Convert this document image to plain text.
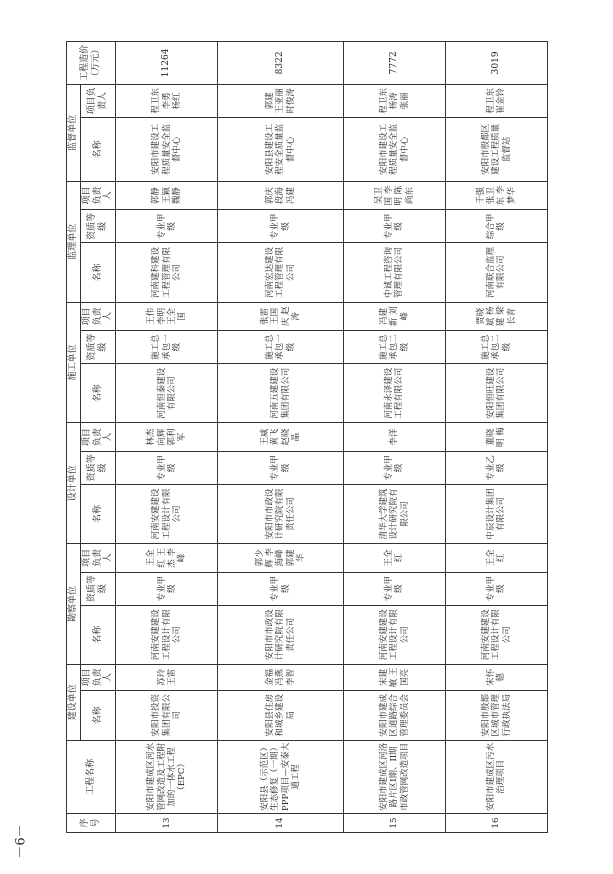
－6－
序号	工程名称	建设单位		勘察单位			设计单位			施工单位			监理单位			监督单位		工程造价（万元）
		名称	项目负责人	名称	资质等级	项目负责人	名称	资质等级	项目负责人	名称	资质等级	项目负责人	名称	资质等级	项目负责人	名称	项目负责人	
13	安阳市建成区河水管网改造及工程附加的一体水工程（EPC）	安阳市投资集团有限公司	苏玲 王雷	河南安建建设工程设计有限公司	专业甲级	王全红 王杰 李峰	河南安建建设工程设计有限公司	专业甲级	林杰 向辉 郭利军	河南恒泰建设有限公司	施工总承包一级	王伟 李明 王全国	河南建科建设工程管理有限公司	专业甲级	郭静 王颖 魏静	安阳市建设工程质量安全监督中心	程卫东 李勇 杨红	11264
14	安阳县（示范区）生态修复（一期）PPP项目—安泰大道工程	安阳县住房和城乡建设局	金福 冯燕 李智	安阳市市政设计研究院有限责任公司	专业甲级	郭少辉 李海峰 郭建华	安阳市市政设计研究院有限责任公司	专业甲级	王威 黄飞 赵晓晶	河南五建建设集团有限公司	施工总承包一级	张雷 王国庆 赵涛	河南宏达建设工程管理有限公司	专业甲级	郭庆 段海 冯建	安阳县建设工程安全质量监督中心	郭建 王亚丽 时俊涛	8322
15	安阳市建成区河洛路片区I期、II期市政管网改造项目	安阳市建成区道路综合管理委员会	宋建敏 王国亮	河南安建建设工程设计有限公司	专业甲级	王全红	清华大学建筑设计研究院有限公司	专业甲级	李洋	河南永泽建设工程有限公司	施工总承包二级	冯建新 刘峰	中诚工程咨询管理有限公司	专业甲级	吴卫国 李明 陈尚东	安阳市建设工程质量安全监督中心	程卫东 杨涛 张丽	7772
16	安阳市建成区污水治理项目	安阳市殷都区城市管理行政执法局	宋怀德	河南安建建设工程设计有限公司	专业甲级	王全红	中辰设计集团有限公司	专业乙级	董晓明 梅	安阳恒旺建设集团有限公司	施工总承包二级	贾晓斌 杨建 梁长青	河南联合监理有限公司	综合甲级	千强 张卫东 李梦华	安阳市殷都区建设工程质量监督站	程卫东 崔金铃	3019
